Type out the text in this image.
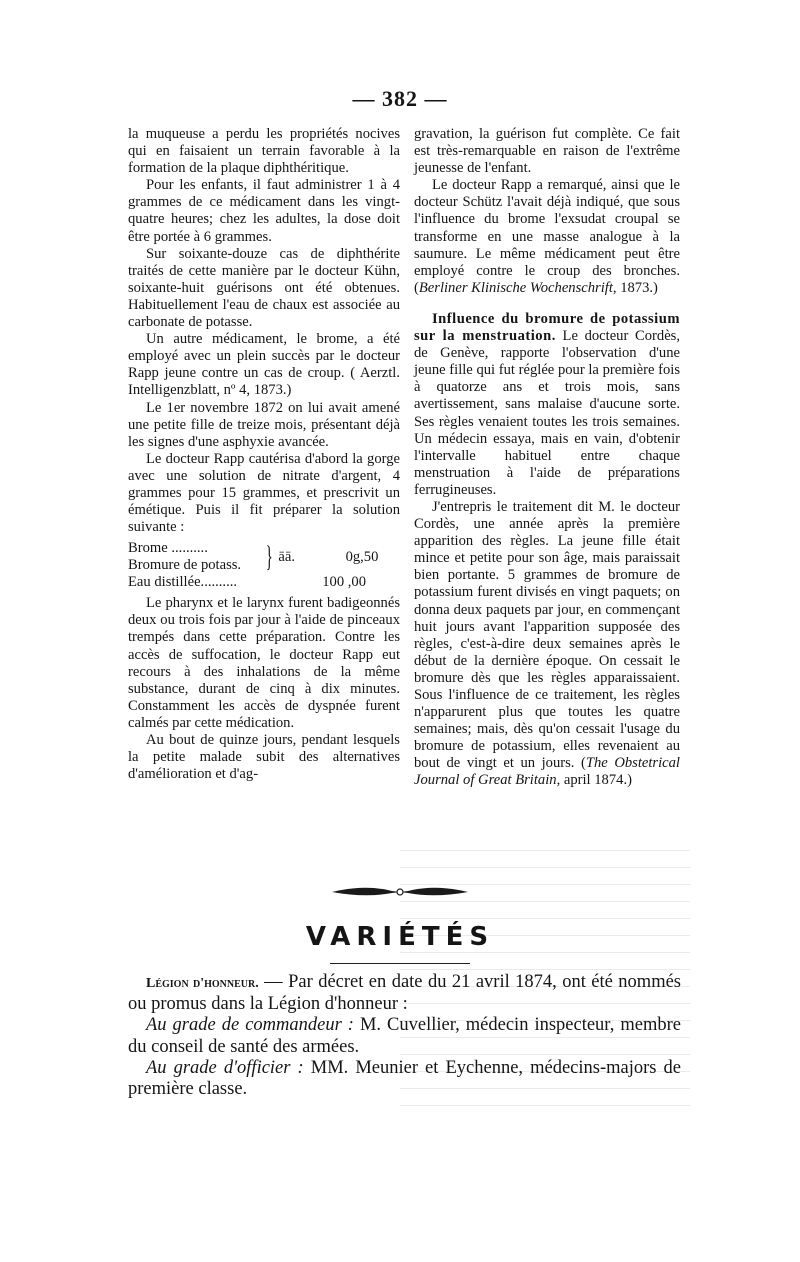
— 382 —

la muqueuse a perdu les propriétés nocives qui en faisaient un terrain favorable à la formation de la plaque diphthéritique.

Pour les enfants, il faut administrer 1 à 4 grammes de ce médicament dans les vingt-quatre heures; chez les adultes, la dose doit être portée à 6 grammes.

Sur soixante-douze cas de diphthérite traités de cette manière par le docteur Kühn, soixante-huit guérisons ont été obtenues. Habituellement l'eau de chaux est associée au carbonate de potasse.

Un autre médicament, le brome, a été employé avec un plein succès par le docteur Rapp jeune contre un cas de croup. ( Aerztl. Intelligenzblatt, nº 4, 1873.)

Le 1er novembre 1872 on lui avait amené une petite fille de treize mois, présentant déjà les signes d'une asphyxie avancée.

Le docteur Rapp cautérisa d'abord la gorge avec une solution de nitrate d'argent, 4 grammes pour 15 grammes, et prescrivit un émétique. Puis il fit préparer la solution suivante :

Brome ..........
Bromure de potass. } āā.	0g,50
Eau distillée..........	100 ,00

Le pharynx et le larynx furent badigeonnés deux ou trois fois par jour à l'aide de pinceaux trempés dans cette préparation. Contre les accès de suffocation, le docteur Rapp eut recours à des inhalations de la même substance, durant de cinq à dix minutes. Constamment les accès de dyspnée furent calmés par cette médication.

Au bout de quinze jours, pendant lesquels la petite malade subit des alternatives d'amélioration et d'ag-

gravation, la guérison fut complète. Ce fait est très-remarquable en raison de l'extrême jeunesse de l'enfant.

Le docteur Rapp a remarqué, ainsi que le docteur Schütz l'avait déjà indiqué, que sous l'influence du brome l'exsudat croupal se transforme en une masse analogue à la saumure. Le même médicament peut être employé contre le croup des bronches. (Berliner Klinische Wochenschrift, 1873.)

Influence du bromure de potassium sur la menstruation. Le docteur Cordès, de Genève, rapporte l'observation d'une jeune fille qui fut réglée pour la première fois à quatorze ans et trois mois, sans avertissement, sans malaise d'aucune sorte. Ses règles venaient toutes les trois semaines. Un médecin essaya, mais en vain, d'obtenir l'intervalle habituel entre chaque menstruation à l'aide de préparations ferrugineuses.

J'entrepris le traitement dit M. le docteur Cordès, une année après la première apparition des règles. La jeune fille était mince et petite pour son âge, mais paraissait bien portante. 5 grammes de bromure de potassium furent divisés en vingt paquets; on donna deux paquets par jour, en commençant huit jours avant l'apparition supposée des règles, c'est-à-dire deux semaines après le début de la dernière époque. On cessait le bromure dès que les règles apparaissaient. Sous l'influence de ce traitement, les règles n'apparurent plus que toutes les quatre semaines; mais, dès qu'on cessait l'usage du bromure de potassium, elles revenaient au bout de vingt et un jours. (The Obstetrical Journal of Great Britain, april 1874.)

VARIÉTÉS

Légion d'honneur. — Par décret en date du 21 avril 1874, ont été nommés ou promus dans la Légion d'honneur :

Au grade de commandeur : M. Cuvellier, médecin inspecteur, membre du conseil de santé des armées.

Au grade d'officier : MM. Meunier et Eychenne, médecins-majors de première classe.
